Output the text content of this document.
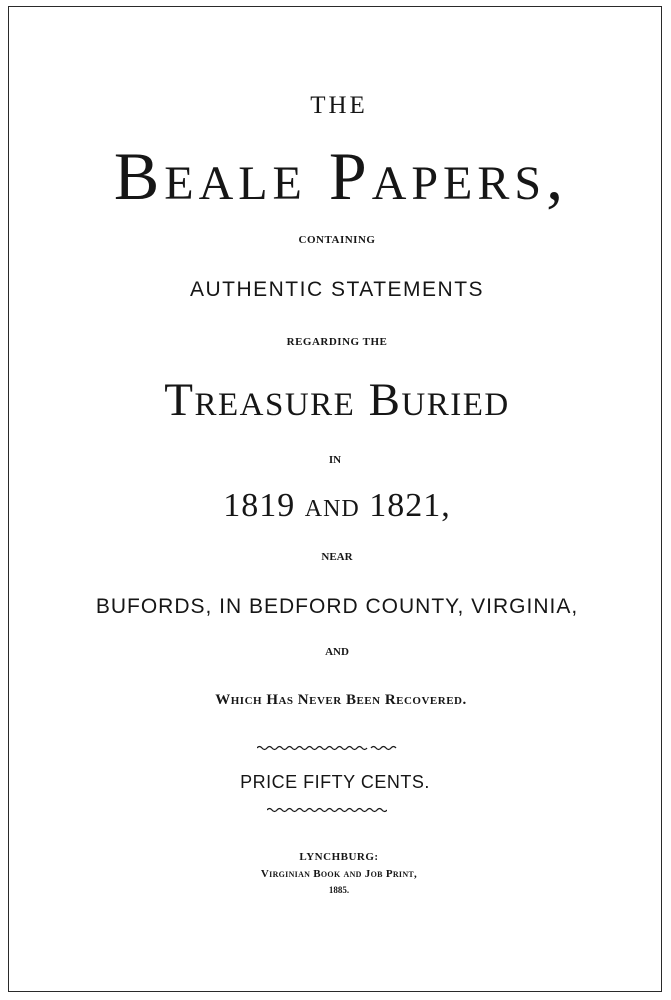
THE
Beale Papers,
CONTAINING
AUTHENTIC STATEMENTS
REGARDING THE
Treasure Buried
IN
1819 and 1821,
NEAR
BUFORDS, IN BEDFORD COUNTY, VIRGINIA,
AND
Which Has Never Been Recovered.
PRICE FIFTY CENTS.
LYNCHBURG:
Virginian Book and Job Print,
1885.
